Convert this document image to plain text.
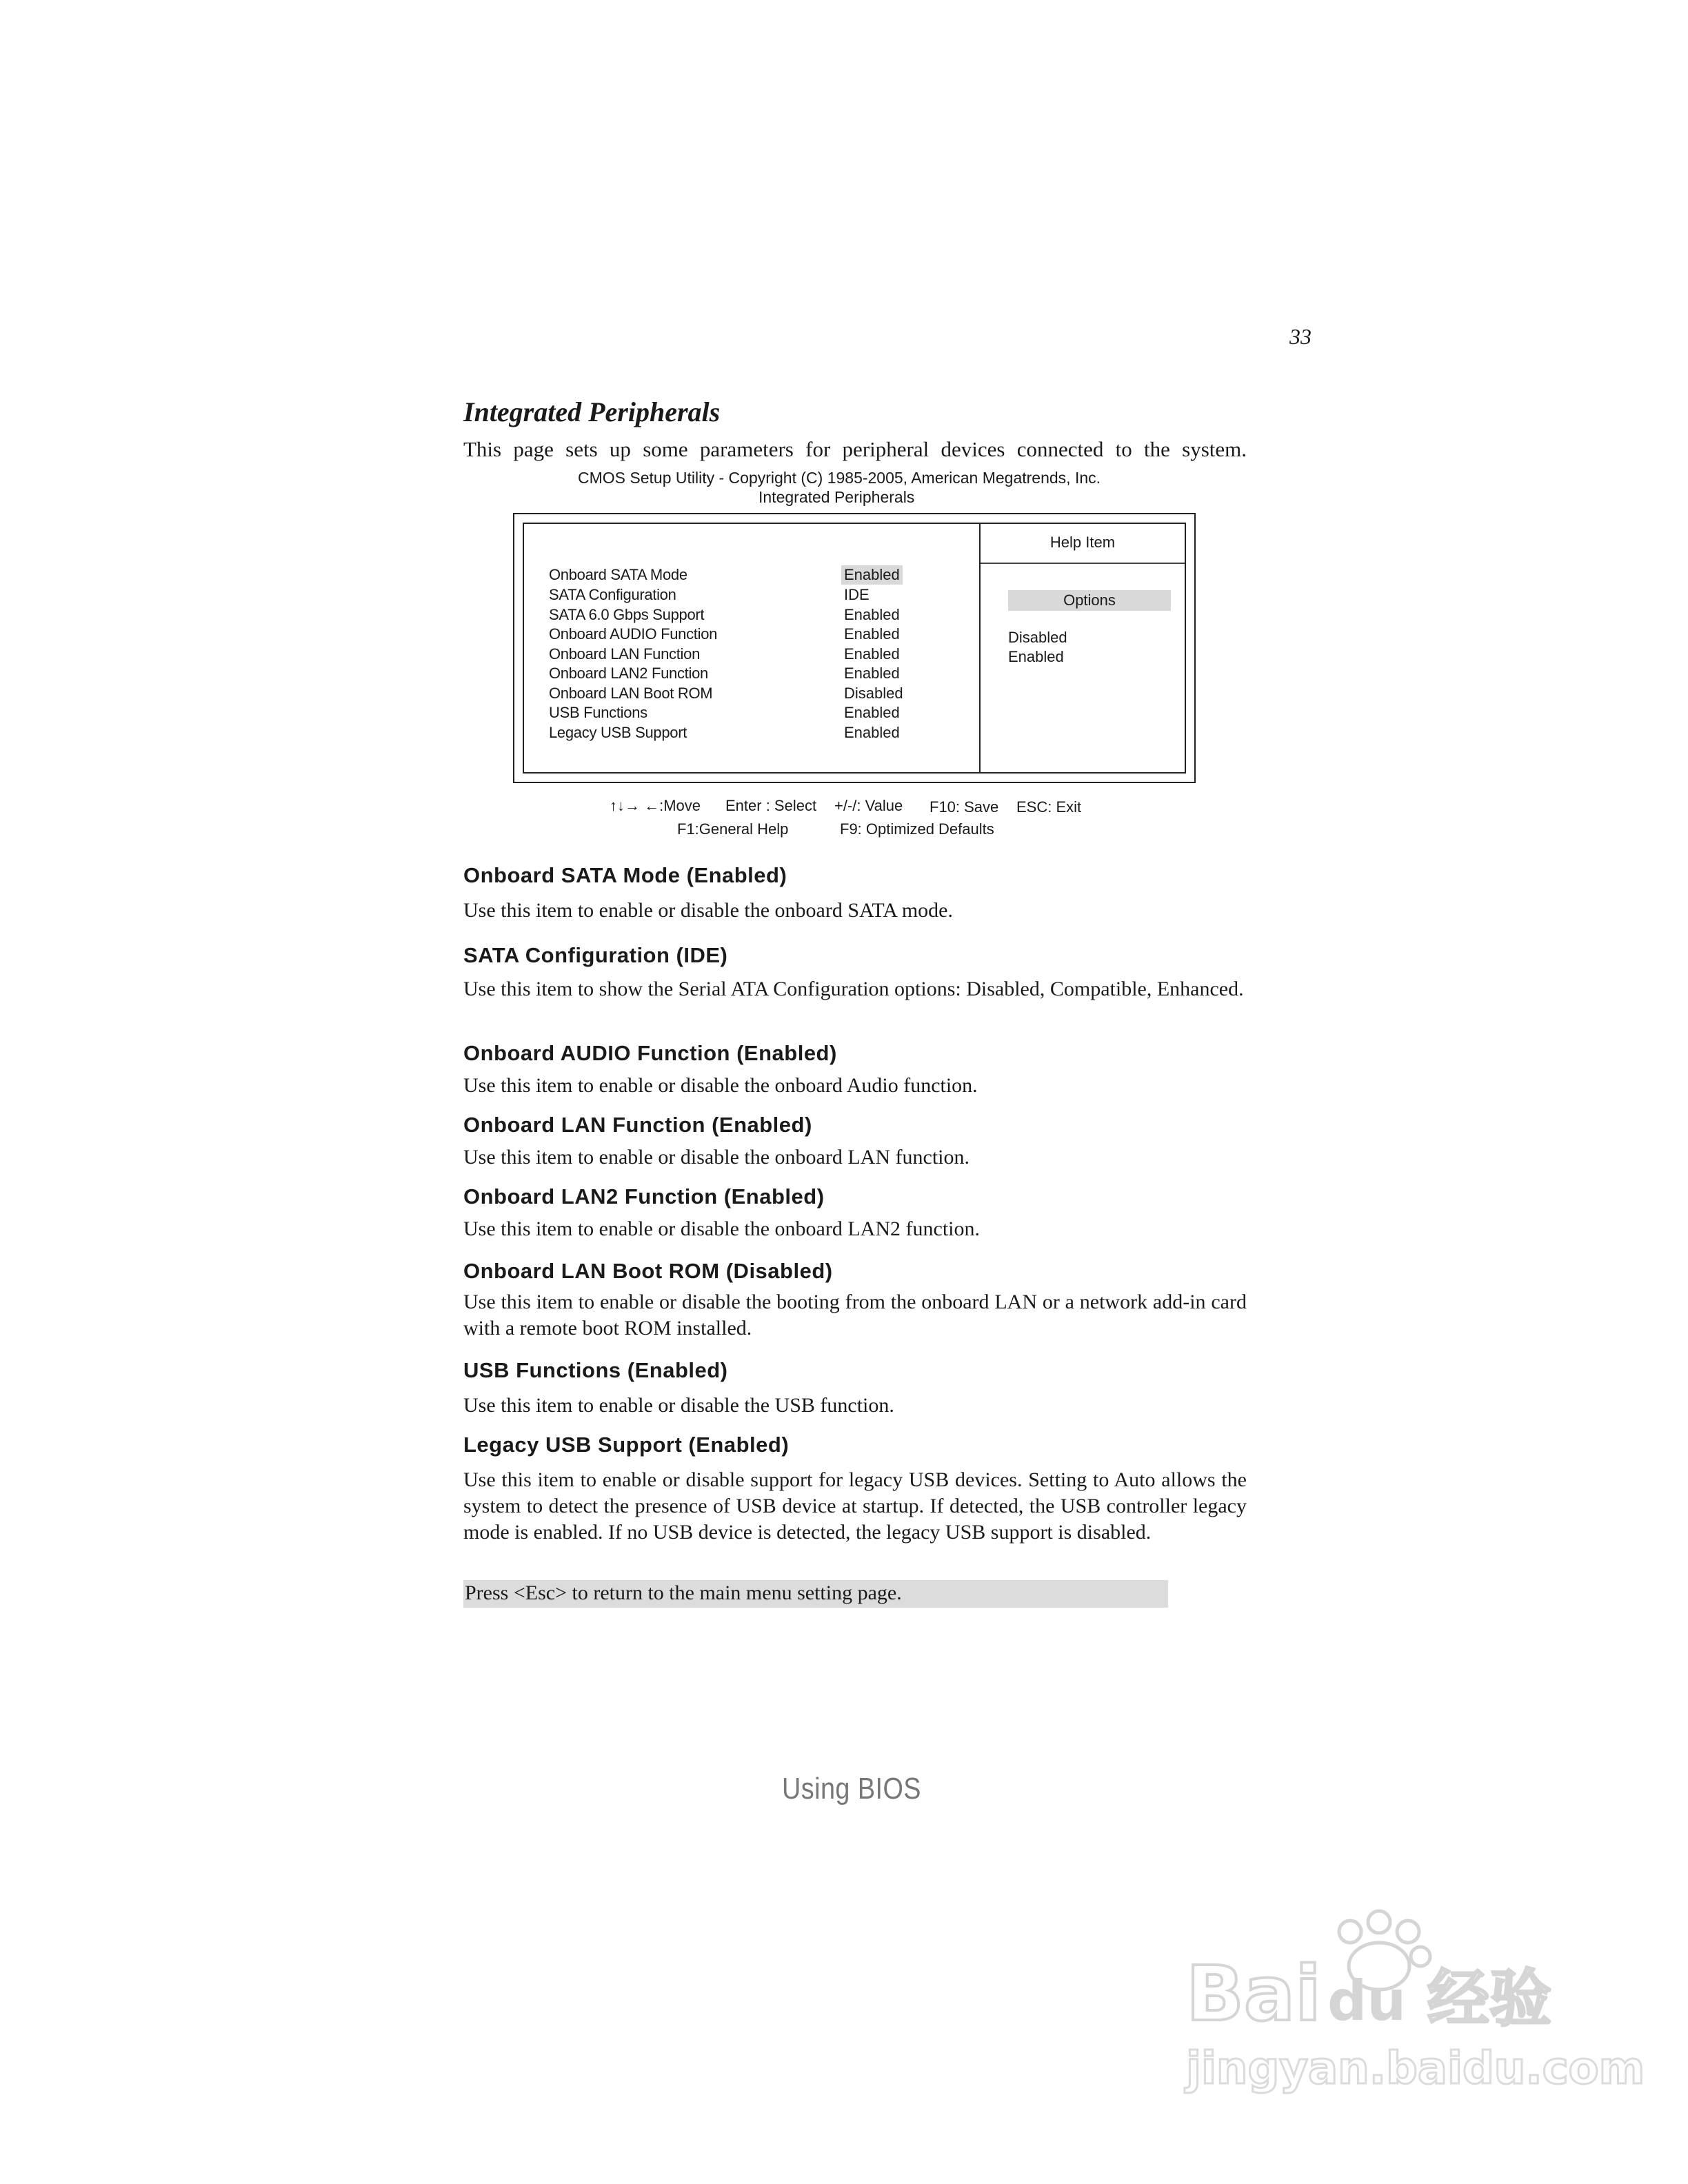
33
Integrated Peripherals
This page sets up some parameters for peripheral devices connected to the system.
CMOS Setup Utility - Copyright (C) 1985-2005, American Megatrends, Inc.
Integrated Peripherals
Help Item
Options
Disabled
Enabled
Onboard SATA Mode	Enabled
SATA Configuration	IDE
SATA 6.0 Gbps Support	Enabled
Onboard AUDIO Function	Enabled
Onboard LAN Function	Enabled
Onboard LAN2 Function	Enabled
Onboard LAN Boot ROM	Disabled
USB Functions	Enabled
Legacy USB Support	Enabled
↑↓→ ←:Move Enter : Select +/-/: Value F10: Save ESC: Exit
F1:General Help	F9: Optimized Defaults
Onboard SATA Mode (Enabled)
Use this item to enable or disable the onboard SATA mode.
SATA Configuration (IDE)
Use this item to show the Serial ATA Configuration options: Disabled, Compatible, Enhanced.
Onboard AUDIO Function (Enabled)
Use this item to enable or disable the onboard Audio function.
Onboard LAN Function (Enabled)
Use this item to enable or disable the onboard LAN function.
Onboard LAN2 Function (Enabled)
Use this item to enable or disable the onboard LAN2 function.
Onboard LAN Boot ROM (Disabled)
Use this item to enable or disable the booting from the onboard LAN or a network add-in card with a remote boot ROM installed.
USB Functions (Enabled)
Use this item to enable or disable the USB function.
Legacy USB Support (Enabled)
Use this item to enable or disable support for legacy USB devices. Setting to Auto allows the system to detect the presence of USB device at startup. If detected, the USB controller legacy mode is enabled. If no USB device is detected, the legacy USB support is disabled.
Press <Esc> to return to the main menu setting page.
Using BIOS
Bai du 经验
jingyan.baidu.com
